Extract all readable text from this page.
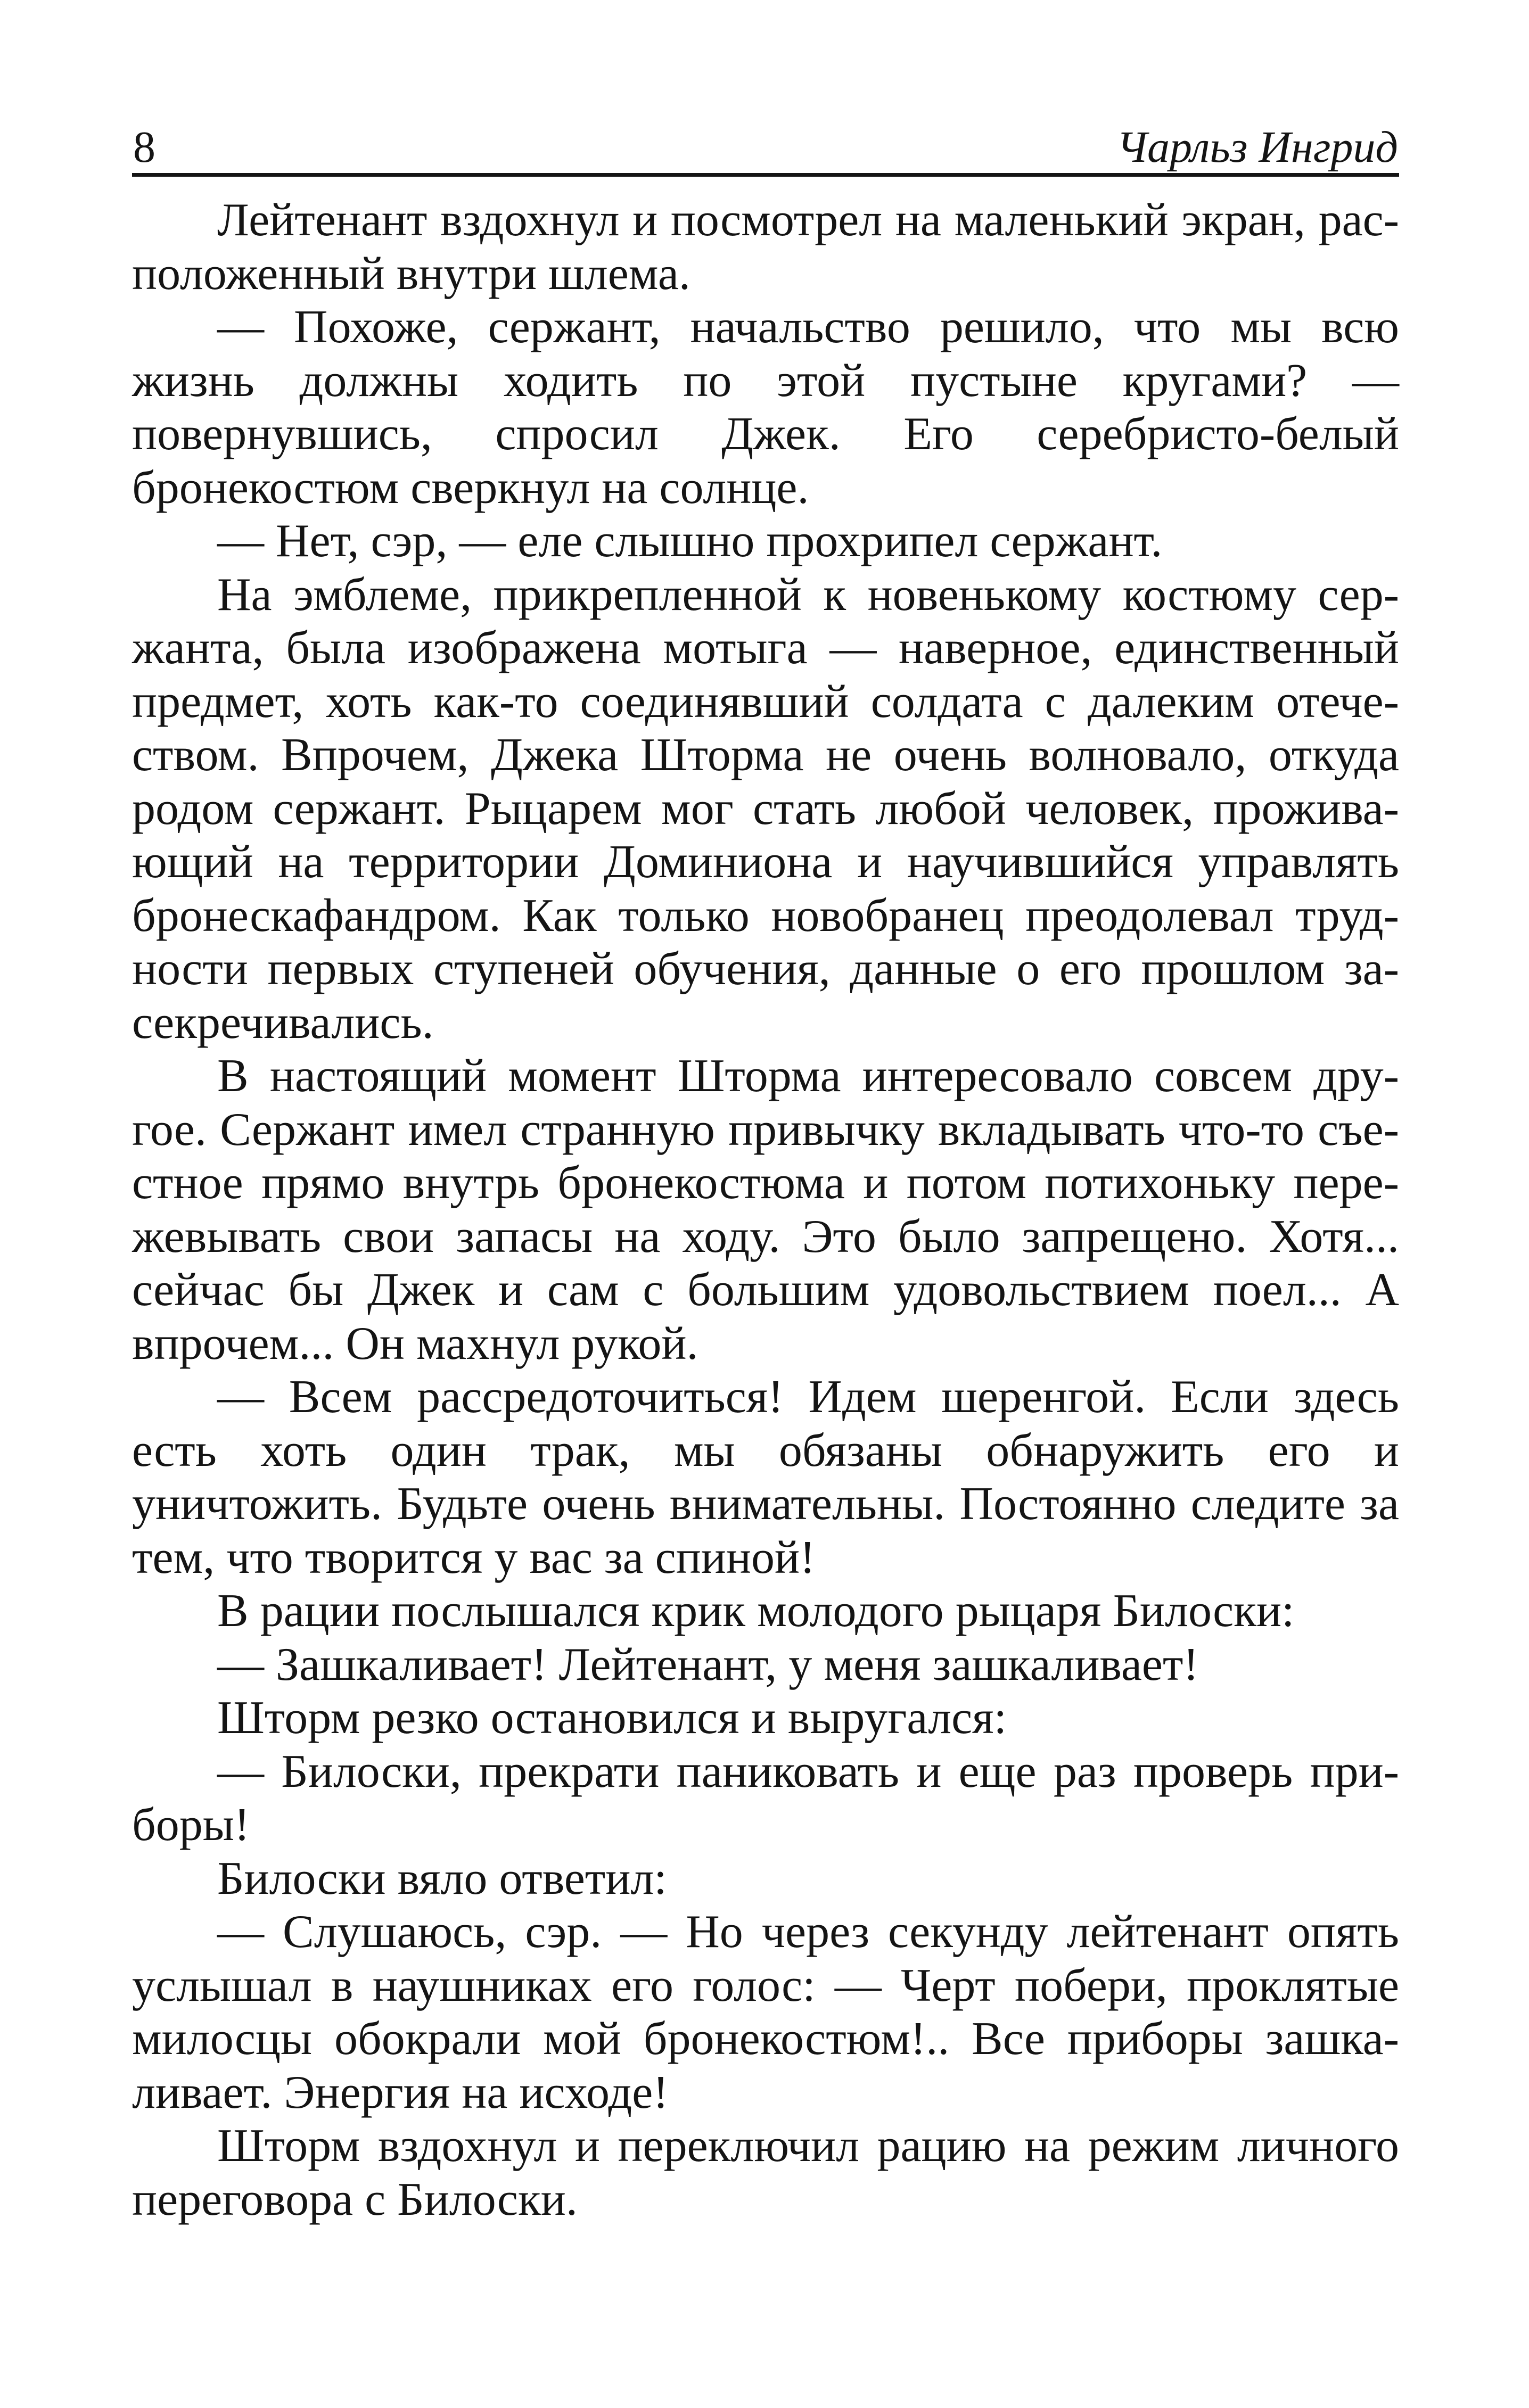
8	Чарльз Ингрид

Лейтенант вздохнул и посмотрел на маленький экран, расположенный внутри шлема.

— Похоже, сержант, начальство решило, что мы всю жизнь должны ходить по этой пустыне кругами? — повернувшись, спросил Джек. Его серебристо-белый бронекостюм сверкнул на солнце.

— Нет, сэр, — еле слышно прохрипел сержант.

На эмблеме, прикрепленной к новенькому костюму сержанта, была изображена мотыга — наверное, единственный предмет, хоть как-то соединявший солдата с далеким отечеством. Впрочем, Джека Шторма не очень волновало, откуда родом сержант. Рыцарем мог стать любой человек, проживающий на территории Доминиона и научившийся управлять бронескафандром. Как только новобранец преодолевал трудности первых ступеней обучения, данные о его прошлом засекречивались.

В настоящий момент Шторма интересовало совсем другое. Сержант имел странную привычку вкладывать что-то съестное прямо внутрь бронекостюма и потом потихоньку пережевывать свои запасы на ходу. Это было запрещено. Хотя... сейчас бы Джек и сам с большим удовольствием поел... А впрочем... Он махнул рукой.

— Всем рассредоточиться! Идем шеренгой. Если здесь есть хоть один трак, мы обязаны обнаружить его и уничтожить. Будьте очень внимательны. Постоянно следите за тем, что творится у вас за спиной!

В рации послышался крик молодого рыцаря Билоски:

— Зашкаливает! Лейтенант, у меня зашкаливает!

Шторм резко остановился и выругался:

— Билоски, прекрати паниковать и еще раз проверь приборы!

Билоски вяло ответил:

— Слушаюсь, сэр. — Но через секунду лейтенант опять услышал в наушниках его голос: — Черт побери, проклятые милосцы обокрали мой бронекостюм!.. Все приборы зашкаливает. Энергия на исходе!

Шторм вздохнул и переключил рацию на режим личного переговора с Билоски.
